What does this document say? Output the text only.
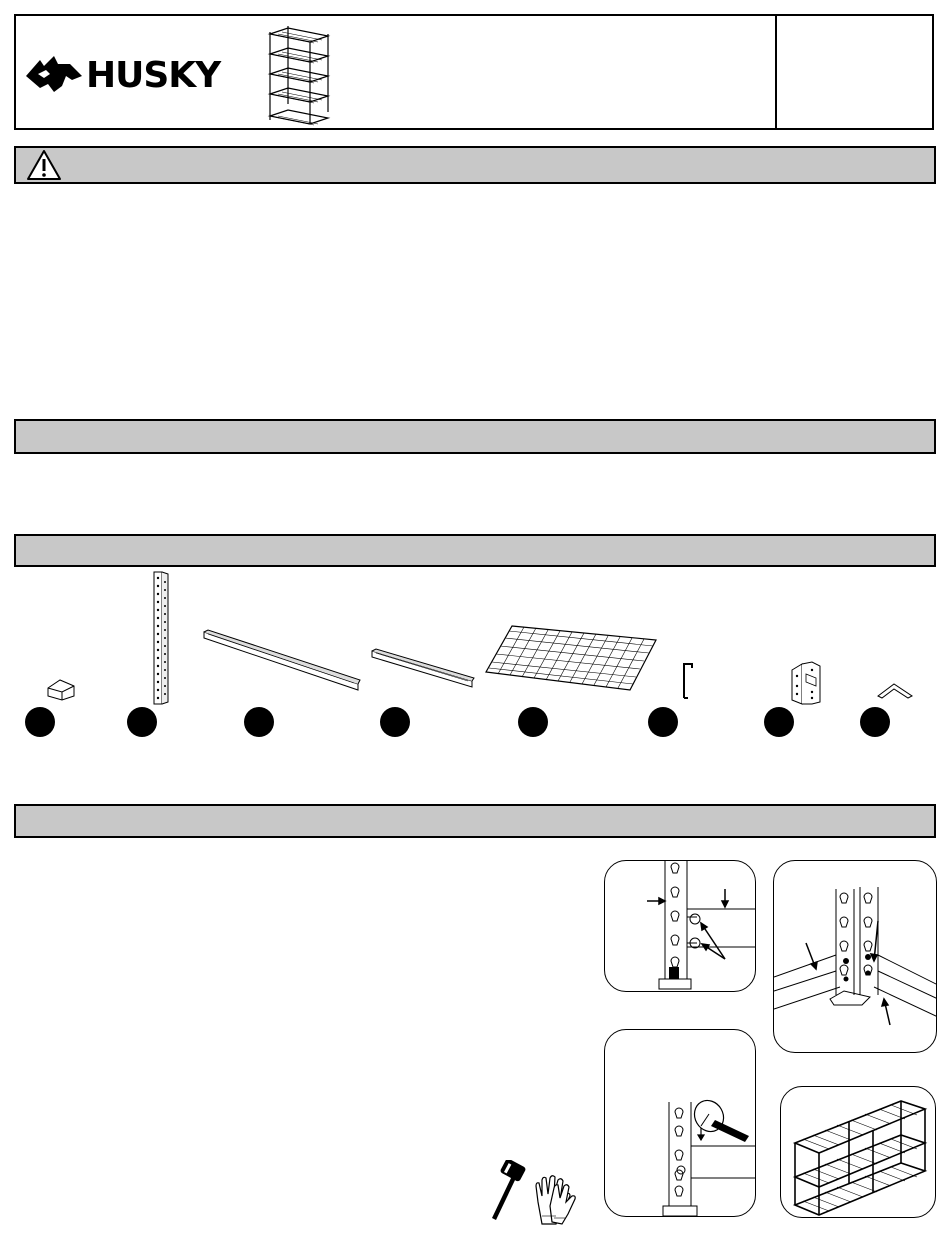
HUSKY
